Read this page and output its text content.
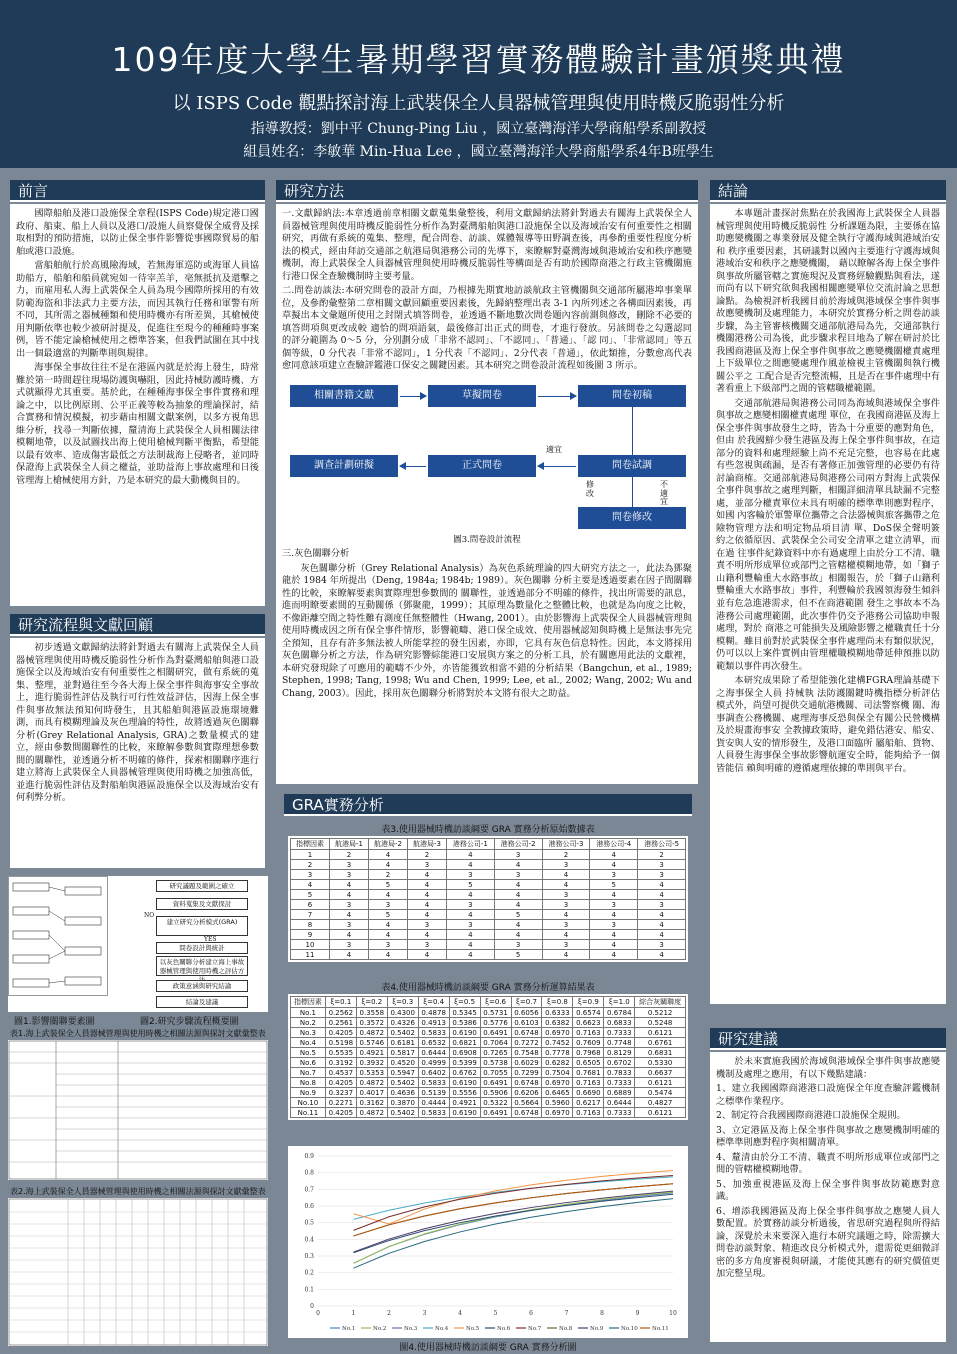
109年度大學生暑期學習實務體驗計畫頒獎典禮
以 ISPS Code 觀點探討海上武裝保全人員器械管理與使用時機反脆弱性分析
指導教授：劉中平 Chung-Ping Liu ，國立臺灣海洋大學商船學系副教授
組員姓名：李敏華 Min-Hua Lee ，國立臺灣海洋大學商船學系4年B班學生
前言

國際船舶及港口設施保全章程(ISPS Code)規定港口國政府、船東、船上人員以及港口/設施人員察覺保全威脅及採取相對的預防措施，以防止保全事件影響從事國際貿易的船舶或港口設施。

當船舶航行於高風險海域，若無海軍巡防或海軍人員協助船方，船舶和船員就宛如一待宰羔羊，亳無抵抗及還擊之力，而雇用私人海上武裝保全人員為現今國際所採用的有效防範海盜和非法武力主要方法，而因其執行任務和軍警有所不同，其所需之器械種類和使用時機亦有所差異，其槍械使用判斷依準也較少被研討提及，促進往至現今的種種時事案例，皆不能定論槍械使用之標準答案，但我們試圖在其中找出一個最適當的判斷準則與規律。

海事保全事故往往不是在港區內就是於海上發生，時常難於第一時間趕往現場防護與嚇阻，因此持械防護時機、方式就顯得尤其重要。基於此，在種種海事保全事件實務和理論之中，以比例原則、公平正義等較為抽象的理論探討，結合實務和情況模擬，初步藉由相關文獻案例，以多方視角思維分析，找尋一判斷依據，釐清海上武裝保全人員相關法律模糊地帶，以及試圖找出海上使用槍械判斷平衡點，希望能以最有效率、造成傷害最低之方法制裁海上侵略者，並同時保證海上武裝保全人員之權益，並助益海上事故處理和日後管理海上槍械使用方針，乃是本研究的最大動機與目的。

研究流程與文獻回顧

初步透過文獻歸納法將針對過去有關海上武裝保全人員器械管理與使用時機反脆弱性分析作為對臺灣船舶與港口設施保全以及海域治安有何重要性之相關研究，做有系統的蒐集、整理，並對過往至今各大海上保全事件與海事安全事故上，進行脆弱性評估及執行可行性效益評估，因海上保全事件與事故無法預知何時發生，且其船舶與港區設施環境難測，而具有模糊理論及灰色理論的特性，故將透過灰色關聯分析(Grey Relational Analysis, GRA)之數量模式的建立，經由參數間關聯性的比較，來瞭解參數與實際理想參數間的關聯性，並透過分析不明確的條件，探索相關聯序進行建立將海上武裝保全人員器械管理與使用時機之加強高低，並進行脆弱性評估及對船舶與港區設施保全以及海域治安有何利弊分析。

研究議題及範圍之確立
資料蒐集及文獻探討
建立研究分析模式(GRA)
問卷設計與統計
以灰色關聯分析建立海上事故器械管理與使用時機之評估方
政策意涵與研究結論
結論及建議
NO
YES
圖1.影響關聯要素圖	圖2.研究步驟流程概要圖
表1.海上武裝保全人員器械管理與使用時機之相關法源與探討文獻彙整表
表2.海上武裝保全人員器械管理與使用時機之相關法源與探討文獻彙整表
研究方法

一.文獻歸納法:本章透過前章相關文獻蒐集彙整後，利用文獻歸納法將針對過去有關海上武裝保全人員器械管理與使用時機反脆弱性分析作為對臺灣船舶與港口設施保全以及海域治安有何重要性之相關研究，再做有系統的蒐集、整理，配合問卷、訪談、媒體報導等田野調查後，再參酌重要性程度分析法的模式，經由拜訪交通部之航港局與港務公司的先導下，來瞭解對臺灣海域與港域治安和秩序應變機制，海上武裝保全人員器械管理與使用時機反脆弱性等構面是否有助於國際商港之行政主管機關施行港口保全查驗機制時主要考量。

二.問卷訪談法:本研究問卷的設計方面，乃根據先期實地訪談航政主管機關與交通部所屬港埠事業單位，及參酌彙整第二章相關文獻回顧重要因素後，先歸納整理出表 3-1 內所列述之各構面因素後，再草擬出本文彙題所使用之封閉式填答問卷，並透過不斷地數次問卷題內容前測與修改，刪除不必要的填答問項與更改成較 適恰的問項語氣，最後修訂出正式的問卷，才進行發放。另該問卷之勾選認同 的評分範圍為 0～5 分，分別劃分成「非常不認同」、「不認同」、「普通」、「認 同」、「非常認同」等五個等級，0 分代表「非常不認同」，1 分代表「不認同」、2分代表「普通」，依此類推，分數愈高代表愈同意該項建立查驗評鑑港口保安之關鍵因素。其本研究之問卷設計流程如後圖 3 所示。

相關書籍文獻	草擬問卷	問卷初稿
調查計劃研擬	正式問卷
適宜
問卷試調
修改
不適宜
問卷修改
圖3.問卷設計流程

三.灰色關聯分析

灰色關聯分析（Grey Relational Analysis）為灰色系統理論的四大研究方法之一，此法為鄧聚龍於 1984 年所提出（Deng, 1984a; 1984b; 1989）。灰色關聯 分析主要是透過要素在因子間關聯性的比較，來瞭解要素與實際理想參數間的 關聯性，並透過部分不明確的條件，找出所需要的訊息，進而明瞭要素間的互動關係（鄧聚龍，1999）；其原理為數量化之整體比較，也就是為向度之比較，不像距離空間之特性難有測度任無整體性（Hwang, 2001）。由於影響海上武裝保全人員器械管理與使用時機成因之所有保全事件情形，影響範疇、港口保全成效、使用器械認知與時機上是無法事先完全預知，且存有許多無法被人所能掌控的發生因素，亦即，它具有灰色信息特性。因此，本文將採用灰色關聯分析之方法，作為研究影響綜能港口安展與方案之的分析工具，於有關應用此法的文獻裡，本研究發現除了可應用的範疇不少外，亦皆能獲致相當不錯的分析結果（Bangchun, et al., 1989; Stephen, 1998; Tang, 1998; Wu and Chen, 1999; Lee, et al., 2002; Wang, 2002; Wu and Chang, 2003）。因此，採用灰色關聯分析將對於本文將有很大之助益。

GRA實務分析
表3.使用器械時機訪談綱要 GRA 實務分析原始數據表
指標因素	航港局-1	航港局-2	航港局-3	港務公司-1	港務公司-2	港務公司-3	港務公司-4	港務公司-5
1	2	4	2	4	3	2	4	2
2	3	4	3	4	4	3	4	3
3	3	2	4	3	3	4	3	3
4	4	5	4	5	4	4	5	4
5	4	4	4	4	4	3	4	4
6	3	3	4	3	4	3	3	3
7	4	5	4	4	5	4	4	4
8	3	4	3	3	4	3	3	4
9	4	4	4	4	4	4	4	4
10	3	3	3	4	3	3	4	3
11	4	4	4	4	5	4	4	4
表4.使用器械時機訪談綱要 GRA 實務分析運算結果表
指標因素	ξ=0.1	ξ=0.2	ξ=0.3	ξ=0.4	ξ=0.5	ξ=0.6	ξ=0.7	ξ=0.8	ξ=0.9	ξ=1.0	綜合灰關聯度
No.1	0.2562	0.3558	0.4300	0.4878	0.5345	0.5731	0.6056	0.6333	0.6574	0.6784	0.5212
No.2	0.2561	0.3572	0.4326	0.4913	0.5386	0.5776	0.6103	0.6382	0.6623	0.6833	0.5248
No.3	0.4205	0.4872	0.5402	0.5833	0.6190	0.6491	0.6748	0.6970	0.7163	0.7333	0.6121
No.4	0.5198	0.5746	0.6181	0.6532	0.6821	0.7064	0.7272	0.7452	0.7609	0.7748	0.6761
No.5	0.5535	0.4921	0.5817	0.6444	0.6908	0.7265	0.7548	0.7778	0.7968	0.8129	0.6831
No.6	0.3192	0.3932	0.4520	0.4999	0.5399	0.5738	0.6029	0.6282	0.6505	0.6702	0.5330
No.7	0.4537	0.5353	0.5947	0.6402	0.6762	0.7055	0.7299	0.7504	0.7681	0.7833	0.6637
No.8	0.4205	0.4872	0.5402	0.5833	0.6190	0.6491	0.6748	0.6970	0.7163	0.7333	0.6121
No.9	0.3237	0.4017	0.4636	0.5139	0.5556	0.5906	0.6206	0.6465	0.6690	0.6889	0.5474
No.10	0.2271	0.3162	0.3870	0.4444	0.4921	0.5322	0.5664	0.5960	0.6217	0.6444	0.4827
No.11	0.4205	0.4872	0.5402	0.5833	0.6190	0.6491	0.6748	0.6970	0.7163	0.7333	0.6121
0
0.1
0.2
0.3
0.4
0.5
0.6
0.7
0.8
0.9
0	1	2	3	4	5	6	7	8	9	10
No.1	No.2	No.3	No.4	No.5	No.6	No.7	No.8	No.9	No.10	No.11
圖4.使用器械時機訪談綱要 GRA 實務分析圖
結論

本專題計畫探討焦點在於我國海上武裝保全人員器械管理與使用時機反脆弱性 分析課題為限，主要係在協助應變機關之專業發展及健全執行守護海域與港域治安和 秩序重要因素，其研議對以國內主要進行守護海域與港域治安和秩序之應變機關， 藉以瞭解各海上保全事件與事故所屬管轄之實施現況及實務經驗觀點與看法，遂而尚有以下研究欲與我國相關應變單位交流討論之思想論點。為檢視評析我國目前於海域與港域保全事件與事故應變機制及處理能力，本研究於實務分析之問卷訪談步驟，為主管審核機關交通部航港局為先，交通部執行機關港務公司為後，此步驟求程目地為了解在研討於比我國商港區及海上保全事件與事故之應變機關權責處理上下級單位之間應變處理作風並檢視主管機關與執行機關公平之 工配合是否完整流暢，且是否在事件處理中有著看重上下級部門之間的管轄職權範圍。

交通部航港局與港務公司同為海域與港域保全事件與事故之應變相關權責處理 單位，在我國商港區及海上保全事件與事故發生之時，皆為十分重要的應對角色，但由 於我國鮮少發生港區及海上保全事件與事故，在這部分的資料和處理經驗上尚不充足完整，也容易在此處有些忽視與疏漏，是否有著修正加強管理的必要仍有待討論商榷。交通部航港局與港務公司兩方對海上武裝保全事件與事故之處理判斷，相關詳細清單具缺漏不完整處，並部分權責單位未具有明確的標準準則應對程序，如國 內客輪於軍警單位攜帶之合法器械與旅客攜帶之危險物管理方法和明定物品項目清 單、DoS保全聲明簽約之依循原因、武裝保全公司安全清單之建立清單，而在過 往事件紀錄資料中亦有過處理上由於分工不清、職責不明所形成單位或部門之管轄權模糊地帶，如「獅子山籍利豐輪重大水路事故」相關報告，於「獅子山籍利豐輪重大水路事故」事件，利豐輪於我國領海發生傾斜並有危急進港需求，但不在商港範圍 發生之事故本不為港務公司處理範圍，此次事件仍交予港務公司協助申報處理，對於 商港之可能損失及風險影響之權職責任十分模糊。雖目前對於武裝保全事件處理尚未有類似狀況，仍可以以上案件實例由管理權職模糊地帶延伸預推以防範類以事件再次發生。

本研究成果除了希望能強化建構FGRA理論基礎下之海事保全人員 持械執 法防護關鍵時機指標分析評估模式外，尚望可提供交通航港機關、司法警察機 關、海事調查公務機關、處理海事反恐與保全有關公民營機構及於規畫海事安 全教據政策時，避免錯估港安、船安、貨安與人安的情形發生，及港口面臨所 屬船舶、貨物、人員發生海事保全事故影響航運安全時，能夠給予一個皆能信 賴與明確的遵循處理依據的準則與平台。

研究建議

於未來實施我國於海域與港域保全事件與事故應變機制及處理之應用，有以下幾點建議：

1、建立我國國際商港港口設施保全年度查驗評鑑機制之標準作業程序。

2、制定符合我國國際商港港口設施保全規則。

3、立定港區及海上保全事件與事故之應變機制明確的標準準則應對程序與相關清單。

4、釐清由於分工不清、職責不明所形成單位或部門之間的管轄權模糊地帶。

5、加強重視港區及海上保全事件與事故防範應對意識。

6、增添我國港區及海上保全事件與事故之應變人員人數配置。於實務訪談分析過後，省思研究過程與所得結論，深覺於未來要深入進行本研究議題之時，除需擴大問卷訪談對象、精進改良分析模式外，還需從更細微詳密的多方角度審視與研議，才能使其應有的研究價值更加完整呈現。
